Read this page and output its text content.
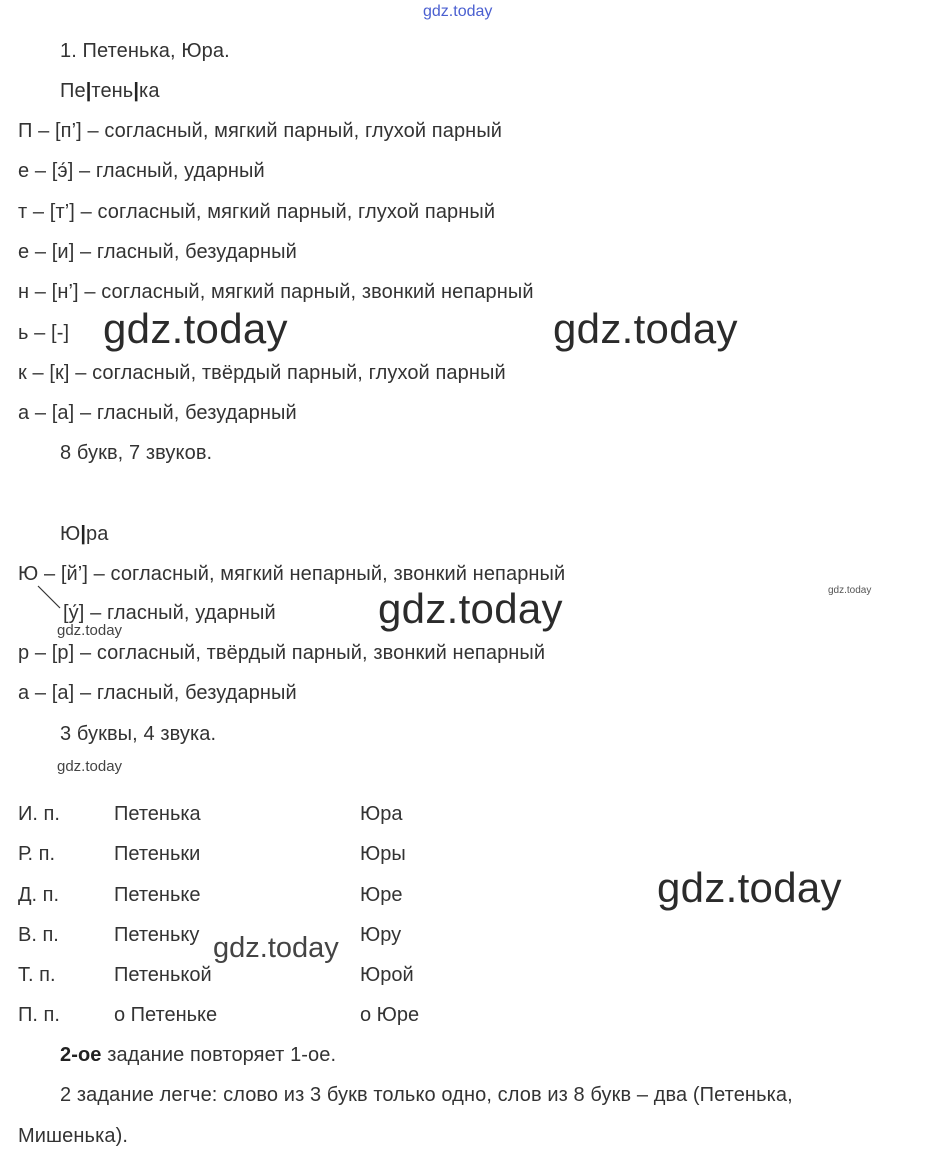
gdz.today
1. Петенька, Юра.
Пе|тень|ка
П – [п’] – согласный, мягкий парный, глухой парный
е – [э́] – гласный, ударный
т – [т’] – согласный, мягкий парный, глухой парный
е – [и] – гласный, безударный
н – [н’] – согласный, мягкий парный, звонкий непарный
ь – [-]
к – [к] – согласный, твёрдый парный, глухой парный
а – [а] – гласный, безударный
8 букв, 7 звуков.
Ю|ра
Ю – [й’] – согласный, мягкий непарный, звонкий непарный
[у́] – гласный, ударный
р – [р] – согласный, твёрдый парный, звонкий непарный
а – [а] – гласный, безударный
3 буквы, 4 звука.
И. п.	Петенька	Юра
Р. п.	Петеньки	Юры
Д. п.	Петеньке	Юре
В. п.	Петеньку	Юру
Т. п.	Петенькой	Юрой
П. п.	о Петеньке	о Юре
2-ое задание повторяет 1-ое.
2 задание легче: слово из 3 букв только одно, слов из 8 букв – два (Петенька,
Мишенька).
gdz.today	gdz.today
gdz.today
gdz.today
gdz.today
gdz.today
gdz.today
gdz.today
